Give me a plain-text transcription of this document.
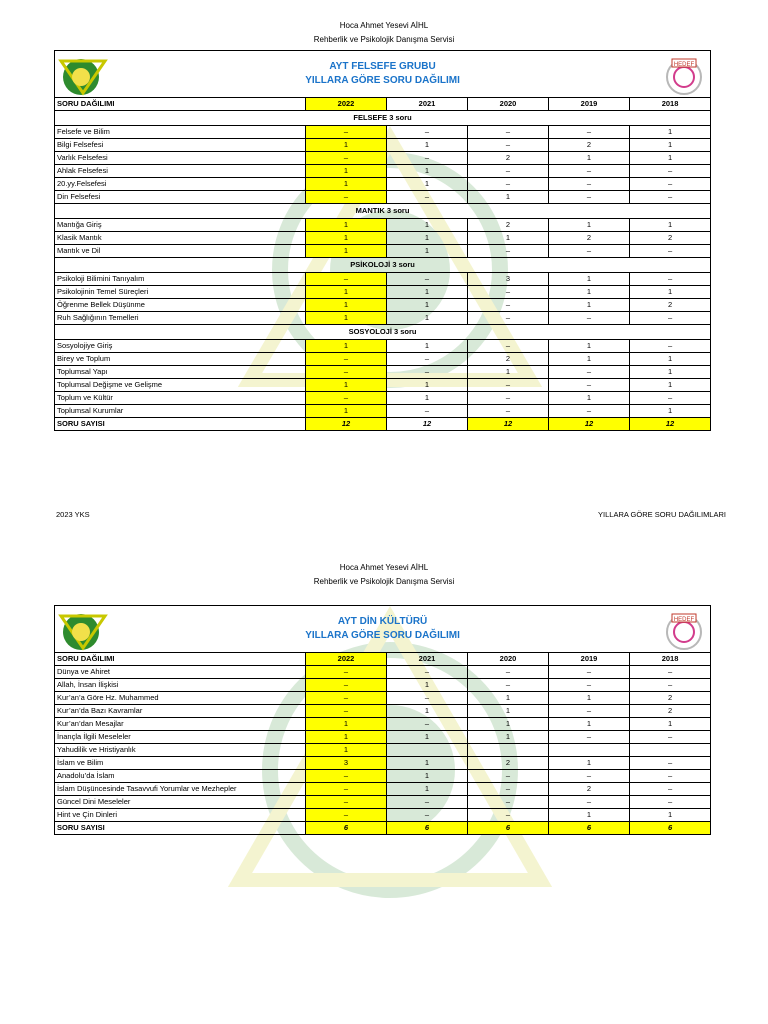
Hoca Ahmet Yesevi AİHL
Rehberlik ve Psikolojik Danışma Servisi
AYT FELSEFE GRUBU
YILLARA GÖRE SORU DAĞILIMI
HEDEF					

SORU DAĞILIMI	2022	2021	2020	2019	2018
FELSEFE 3 soru					
Felsefe ve Bilim	–	–	–	–	1
Bilgi Felsefesi	1	1	–	2	1
Varlık Felsefesi	–	–	2	1	1
Ahlak Felsefesi	1	1	–	–	–
20.yy.Felsefesi	1	1	–	–	–
Din Felsefesi	–	–	1	–	–
MANTIK 3 soru					
Mantığa Giriş	1	1	2	1	1
Klasik Mantık	1	1	1	2	2
Mantık ve Dil	1	1	–	–	–
PSİKOLOJİ 3 soru					
Psikoloji Bilimini Tanıyalım	–	–	3	1	–
Psikolojinin Temel Süreçleri	1	1	–	1	1
Öğrenme Bellek Düşünme	1	1	–	1	2
Ruh Sağlığının Temelleri	1	1	–	–	–
SOSYOLOJİ 3 soru					
Sosyolojiye Giriş	1	1	–	1	–
Birey ve Toplum	–	–	2	1	1
Toplumsal Yapı	–	–	1	–	1
Toplumsal Değişme ve Gelişme	1	1	–	–	1
Toplum ve Kültür	–	1	–	1	–
Toplumsal Kurumlar	1	–	–	–	1
SORU SAYISI	12	12	12	12	12
2023 YKS	YILLARA GÖRE SORU DAĞILIMLARI
Hoca Ahmet Yesevi AİHL
Rehberlik ve Psikolojik Danışma Servisi
AYT DİN KÜLTÜRÜ
YILLARA GÖRE SORU DAĞILIMI
HEDEF					

SORU DAĞILIMI	2022	2021	2020	2019	2018
Dünya ve Ahiret	–	–	–	–	–
Allah, İnsan İlişkisi	–	1	–	–	–
Kur’an’a Göre Hz. Muhammed	–	–	1	1	2
Kur’an’da Bazı Kavramlar	–	1	1	–	2
Kur’an’dan Mesajlar	1	–	1	1	1
İnançla İlgili Meseleler	1	1	1	–	–
Yahudilik ve Hristiyanlık	1				
İslam ve Bilim	3	1	2	1	–
Anadolu’da İslam	–	1	–	–	–
İslam Düşüncesinde Tasavvufi Yorumlar ve Mezhepler	–	1	–	2	–
Güncel Dini Meseleler	–	–	–	–	–
Hint ve Çin Dinleri	–	–	–	1	1
SORU SAYISI	6	6	6	6	6
